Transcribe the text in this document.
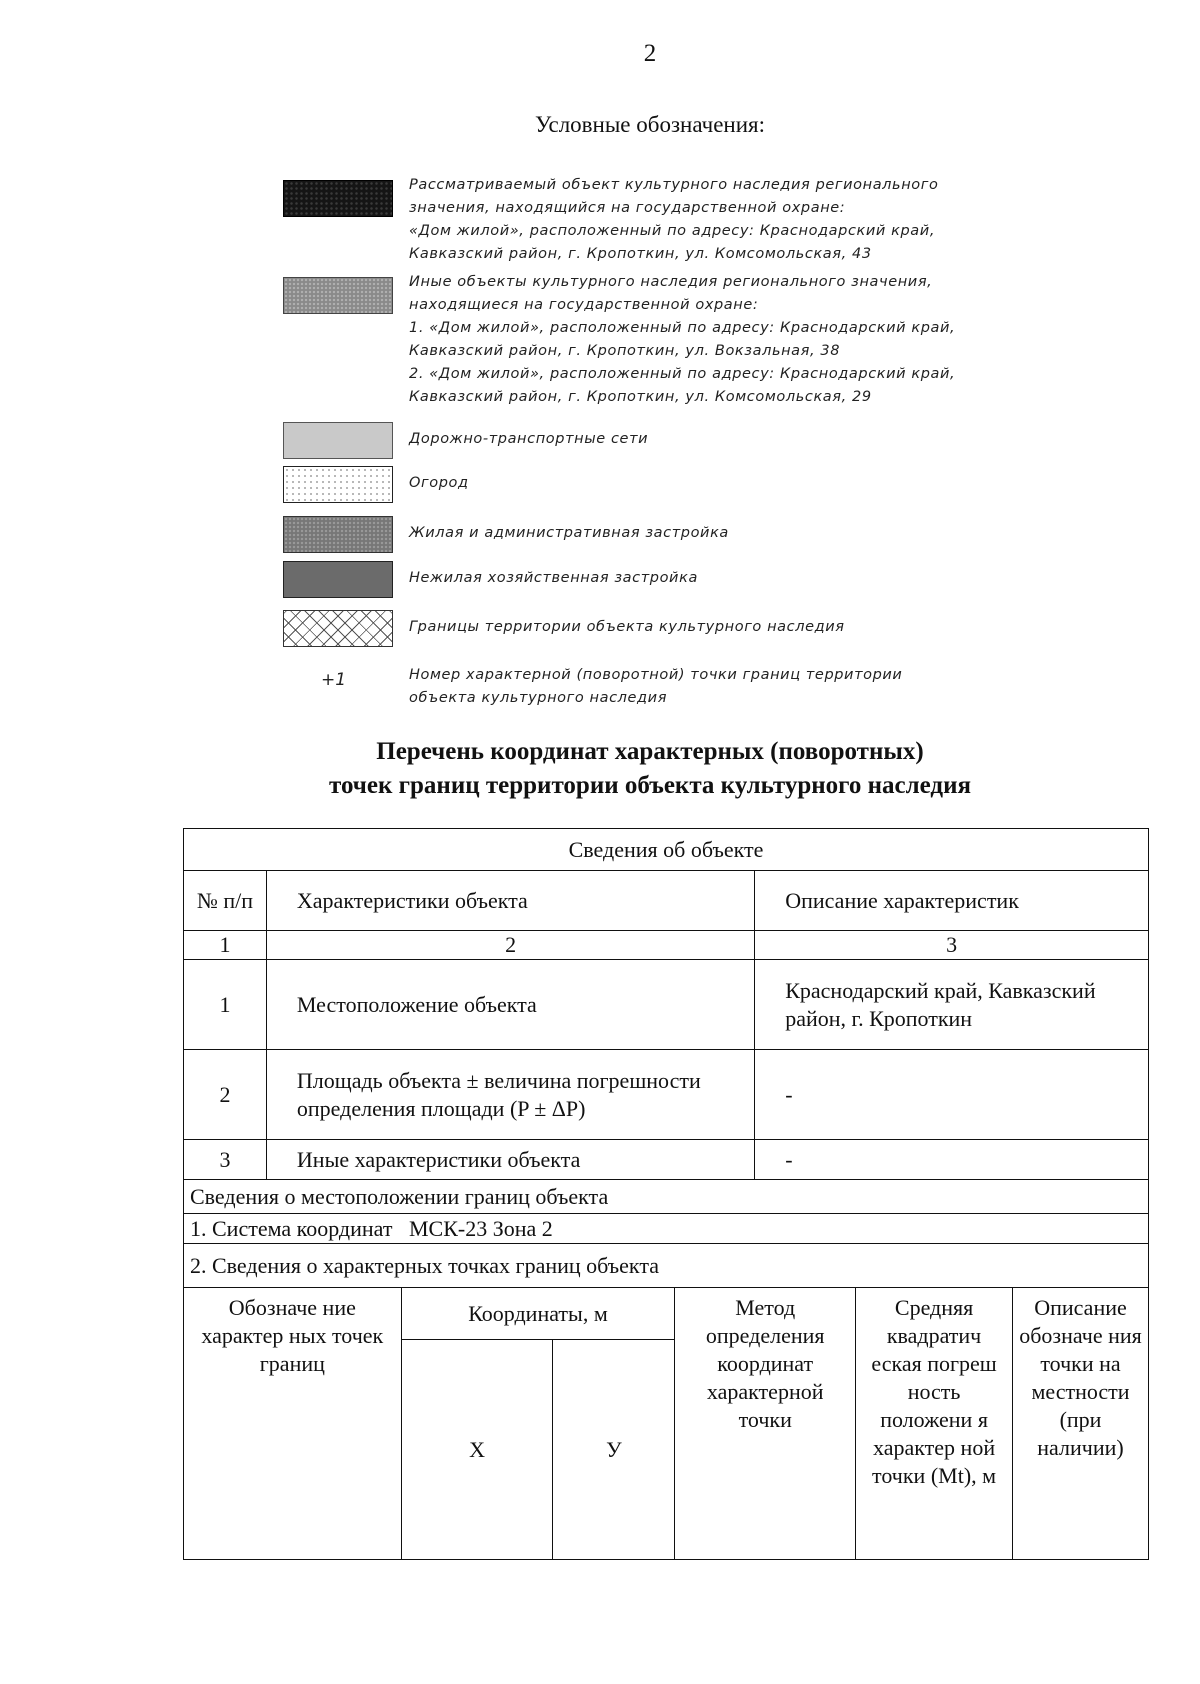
2
Условные обозначения:
Рассматриваемый объект культурного наследия регионального
значения, находящийся на государственной охране:
«Дом жилой», расположенный по адресу: Краснодарский край,
Кавказский район, г. Кропоткин, ул. Комсомольская, 43
Иные объекты культурного наследия регионального значения,
находящиеся на государственной охране:
1. «Дом жилой», расположенный по адресу: Краснодарский край,
Кавказский район, г. Кропоткин, ул. Вокзальная, 38
2. «Дом жилой», расположенный по адресу: Краснодарский край,
Кавказский район, г. Кропоткин, ул. Комсомольская, 29
Дорожно-транспортные сети
Огород
Жилая и административная застройка
Нежилая хозяйственная застройка
Границы территории объекта культурного наследия
+1	Номер характерной (поворотной) точки границ территории
объекта культурного наследия
Перечень координат характерных (поворотных)
точек границ территории объекта культурного наследия
Сведения об объекте							
№ п/п	Характеристики объекта				Описание характеристик		
1	2				3		
1	Местоположение объекта				Краснодарский край, Кавказский район, г. Кропоткин		
2	Площадь объекта ± величина погрешности определения площади (P ± ΔP)				-		
3	Иные характеристики объекта				-		
Сведения о местоположении границ объекта							
1. Система координат   МСК-23 Зона 2							
2. Сведения о характерных точках границ объекта							
Обозначе ние характер ных точек границ		Координаты, м		Метод определения координат характерной точки		Средняя квадратич еская погреш ность положени я характер ной точки (Mt), м	Описание обозначе ния точки на местности (при наличии)
		X	У				
